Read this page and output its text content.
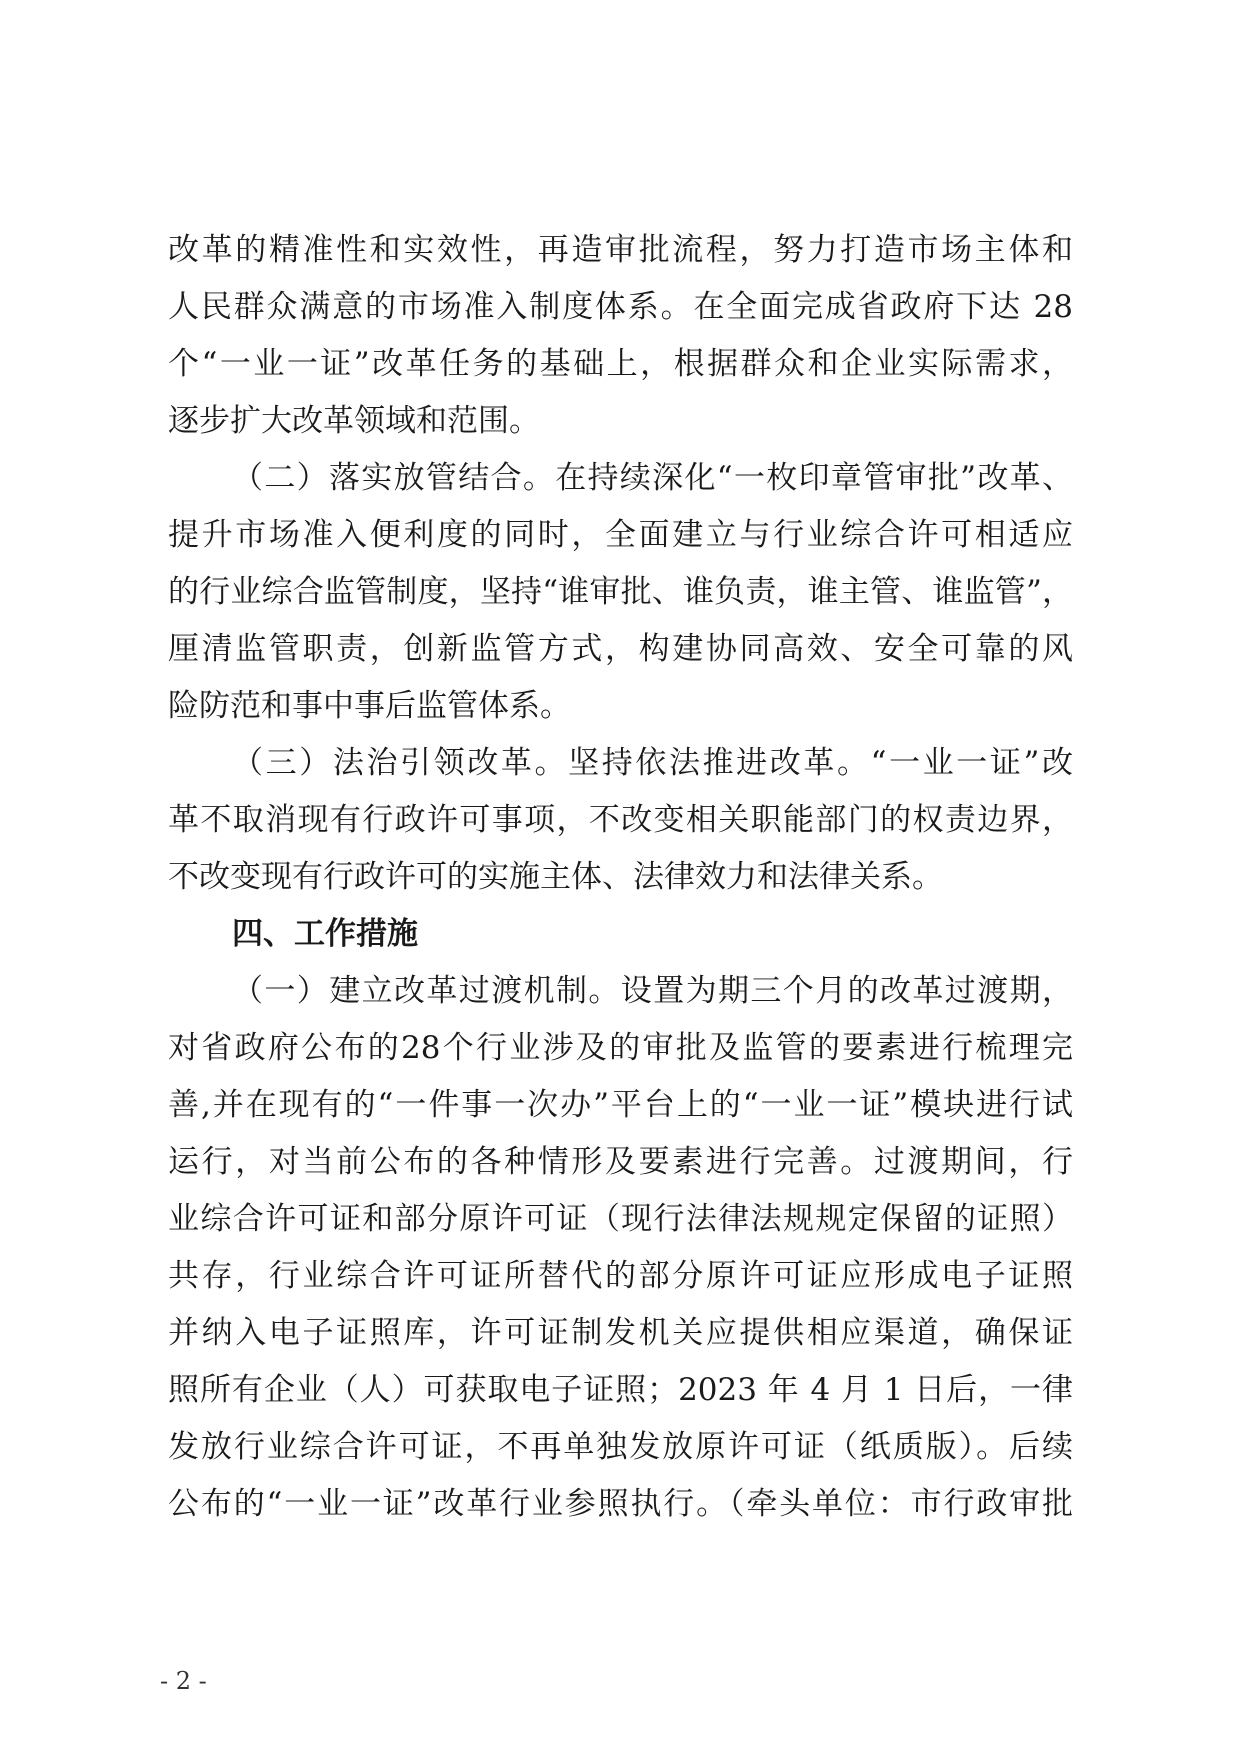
改革的精准性和实效性，再造审批流程，努力打造市场主体和
人民群众满意的市场准入制度体系。在全面完成省政府下达 28
个“一业一证”改革任务的基础上，根据群众和企业实际需求，
逐步扩大改革领域和范围。
（二）落实放管结合。在持续深化“一枚印章管审批”改革、
提升市场准入便利度的同时，全面建立与行业综合许可相适应
的行业综合监管制度，坚持“谁审批、谁负责，谁主管、谁监管”，
厘清监管职责，创新监管方式，构建协同高效、安全可靠的风
险防范和事中事后监管体系。
（三）法治引领改革。坚持依法推进改革。“一业一证”改
革不取消现有行政许可事项，不改变相关职能部门的权责边界，
不改变现有行政许可的实施主体、法律效力和法律关系。
四、工作措施
（一）建立改革过渡机制。设置为期三个月的改革过渡期，
对省政府公布的28个行业涉及的审批及监管的要素进行梳理完
善,并在现有的“一件事一次办”平台上的“一业一证”模块进行试
运行，对当前公布的各种情形及要素进行完善。过渡期间，行
业综合许可证和部分原许可证（现行法律法规规定保留的证照）
共存，行业综合许可证所替代的部分原许可证应形成电子证照
并纳入电子证照库，许可证制发机关应提供相应渠道，确保证
照所有企业（人）可获取电子证照；2023 年 4 月 1 日后，一律
发放行业综合许可证，不再单独发放原许可证（纸质版）。后续
公布的“一业一证”改革行业参照执行。（牵头单位：市行政审批
- 2 -
